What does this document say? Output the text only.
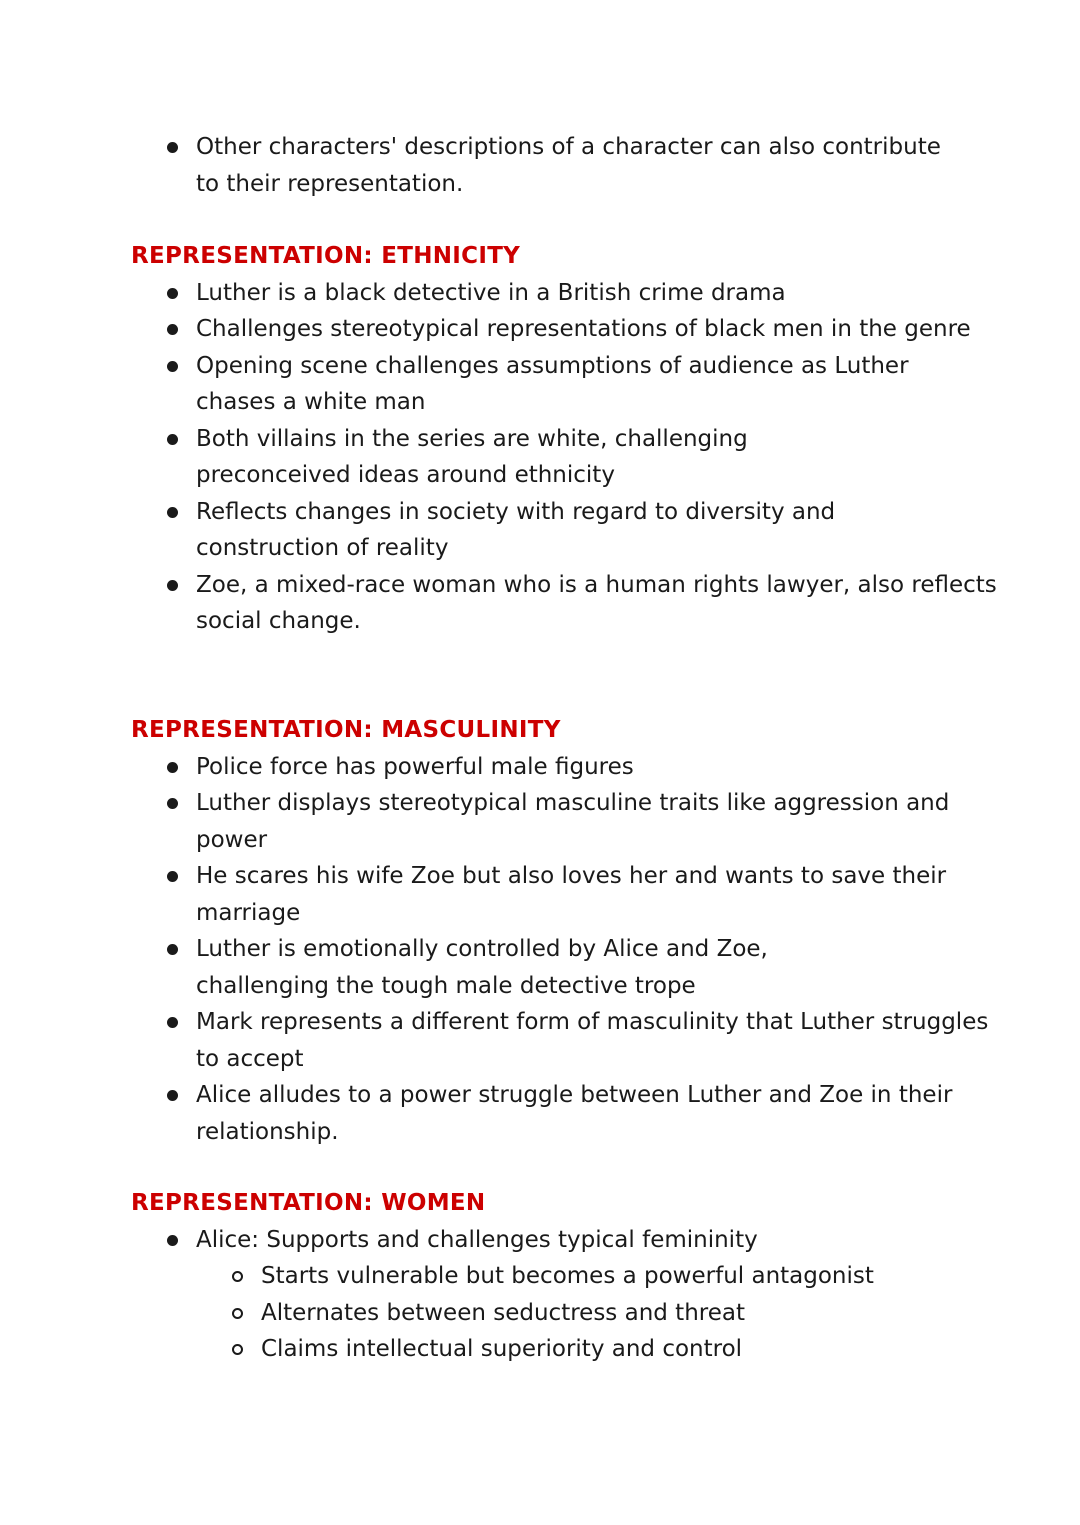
Other characters' descriptions of a character can also contribute to their representation.
REPRESENTATION: ETHNICITY
Luther is a black detective in a British crime drama
Challenges stereotypical representations of black men in the genre
Opening scene challenges assumptions of audience as Luther chases a white man
Both villains in the series are white, challenging preconceived ideas around ethnicity
Reflects changes in society with regard to diversity and construction of reality
Zoe, a mixed-race woman who is a human rights lawyer, also reflects social change.
REPRESENTATION: MASCULINITY
Police force has powerful male figures
Luther displays stereotypical masculine traits like aggression and power
He scares his wife Zoe but also loves her and wants to save their marriage
Luther is emotionally controlled by Alice and Zoe, challenging the tough male detective trope
Mark represents a different form of masculinity that Luther struggles to accept
Alice alludes to a power struggle between Luther and Zoe in their relationship.
REPRESENTATION: WOMEN
Alice: Supports and challenges typical femininity
Starts vulnerable but becomes a powerful antagonist
Alternates between seductress and threat
Claims intellectual superiority and control
